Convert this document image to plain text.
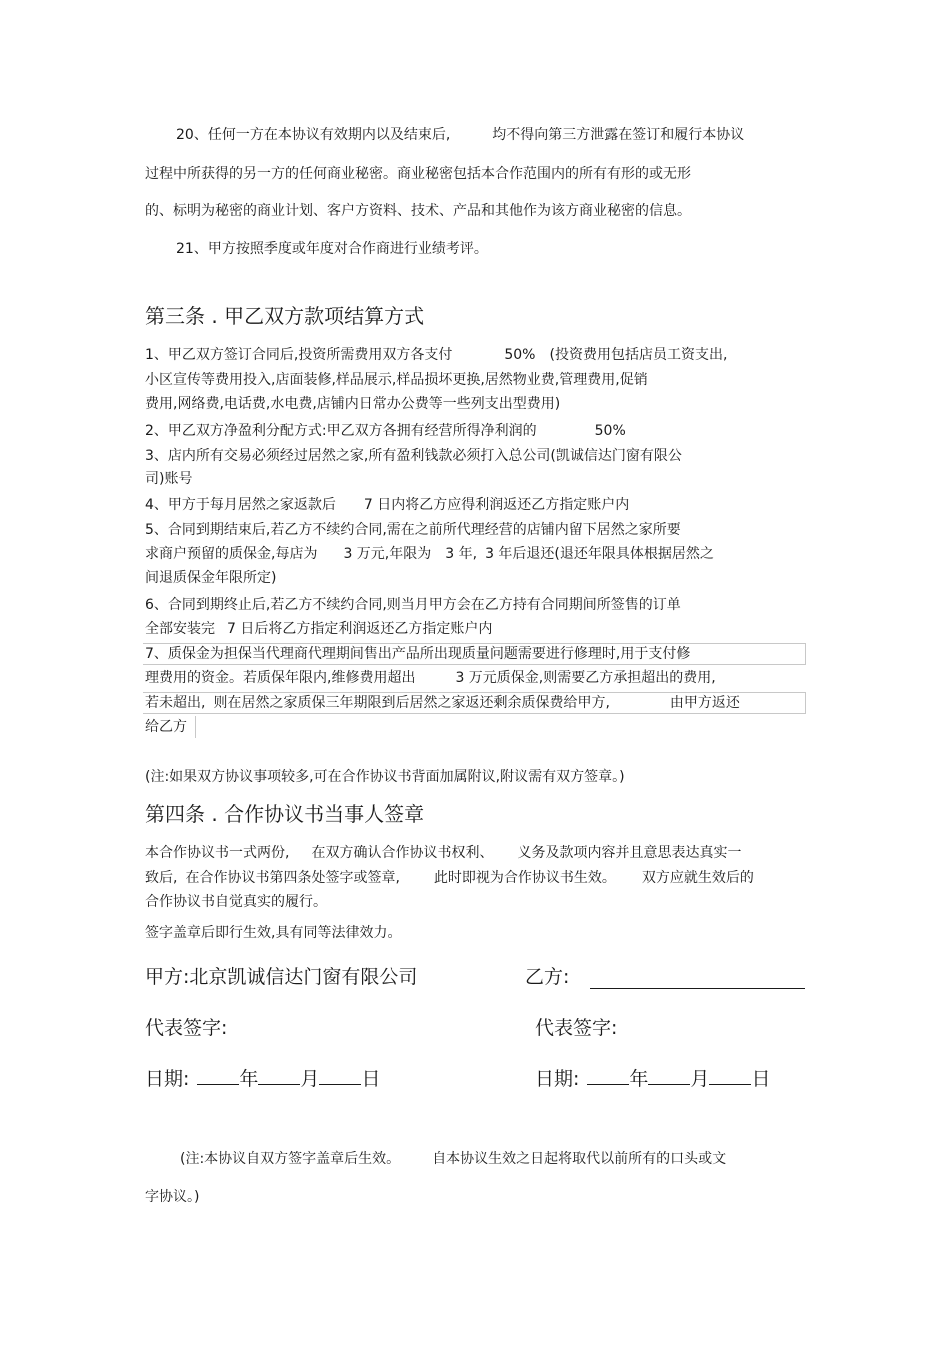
20、任何一方在本协议有效期内以及结束后,	均不得向第三方泄露在签订和履行本协议
过程中所获得的另一方的任何商业秘密。商业秘密包括本合作范围内的所有有形的或无形
的、标明为秘密的商业计划、客户方资料、技术、产品和其他作为该方商业秘密的信息。
21、甲方按照季度或年度对合作商进行业绩考评。
第三条 . 甲乙双方款项结算方式
1、甲乙双方签订合同后,投资所需费用双方各支付	50% (投资费用包括店员工资支出,
小区宣传等费用投入,店面装修,样品展示,样品损坏更换,居然物业费,管理费用,促销
费用,网络费,电话费,水电费,店铺内日常办公费等一些列支出型费用)
2、甲乙双方净盈利分配方式:甲乙双方各拥有经营所得净利润的	50%
3、店内所有交易必须经过居然之家,所有盈利钱款必须打入总公司(凯诚信达门窗有限公
司)账号
4、甲方于每月居然之家返款后 7 日内将乙方应得利润返还乙方指定账户内
5、合同到期结束后,若乙方不续约合同,需在之前所代理经营的店铺内留下居然之家所要
求商户预留的质保金,每店为 3 万元,年限为 3 年, 3 年后退还(退还年限具体根据居然之
间退质保金年限所定)
6、合同到期终止后,若乙方不续约合同,则当月甲方会在乙方持有合同期间所签售的订单
全部安装完 7 日后将乙方指定利润返还乙方指定账户内
7、质保金为担保当代理商代理期间售出产品所出现质量问题需要进行修理时,用于支付修
理费用的资金。若质保年限内,维修费用超出	3 万元质保金,则需要乙方承担超出的费用,
若未超出, 则在居然之家质保三年期限到后居然之家返还剩余质保费给甲方,	由甲方返还
给乙方
(注:如果双方协议事项较多,可在合作协议书背面加属附议,附议需有双方签章。)
第四条 . 合作协议书当事人签章
本合作协议书一式两份, 在双方确认合作协议书权利、 义务及款项内容并且意思表达真实一
致后, 在合作协议书第四条处签字或签章, 此时即视为合作协议书生效。 双方应就生效后的
合作协议书自觉真实的履行。
签字盖章后即行生效,具有同等法律效力。
甲方:北京凯诚信达门窗有限公司	乙方:
代表签字:	代表签字:
日期:	年 月 日	日期:	年 月 日
(注:本协议自双方签字盖章后生效。 自本协议生效之日起将取代以前所有的口头或文
字协议。)
